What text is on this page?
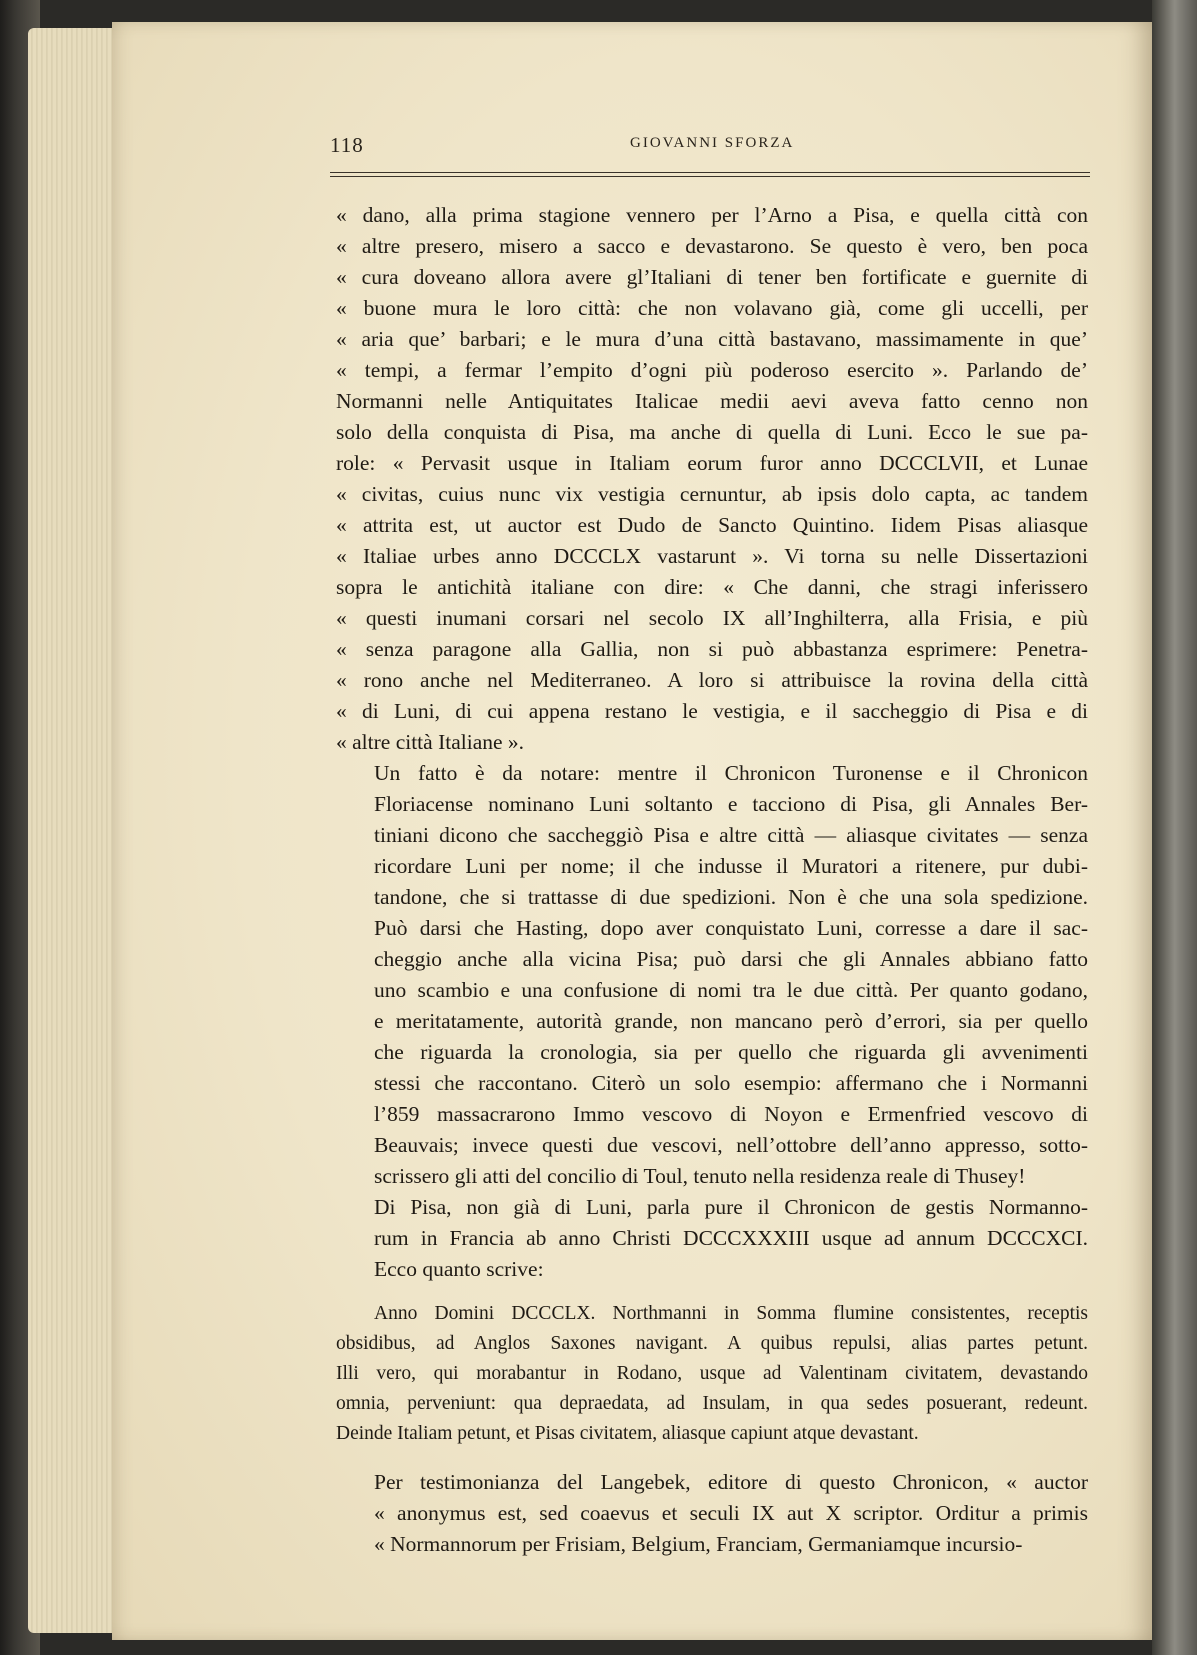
118	GIOVANNI SFORZA

« dano, alla prima stagione vennero per l’Arno a Pisa, e quella città con
« altre presero, misero a sacco e devastarono. Se questo è vero, ben poca
« cura doveano allora avere gl’Italiani di tener ben fortificate e guernite di
« buone mura le loro città: che non volavano già, come gli uccelli, per
« aria que’ barbari; e le mura d’una città bastavano, massimamente in que’
« tempi, a fermar l’empito d’ogni più poderoso esercito ». Parlando de’
Normanni nelle Antiquitates Italicae medii aevi aveva fatto cenno non
solo della conquista di Pisa, ma anche di quella di Luni. Ecco le sue pa-
role: « Pervasit usque in Italiam eorum furor anno DCCCLVII, et Lunae
« civitas, cuius nunc vix vestigia cernuntur, ab ipsis dolo capta, ac tandem
« attrita est, ut auctor est Dudo de Sancto Quintino. Iidem Pisas aliasque
« Italiae urbes anno DCCCLX vastarunt ». Vi torna su nelle Dissertazioni
sopra le antichità italiane con dire: « Che danni, che stragi inferissero
« questi inumani corsari nel secolo IX all’Inghilterra, alla Frisia, e più
« senza paragone alla Gallia, non si può abbastanza esprimere: Penetra-
« rono anche nel Mediterraneo. A loro si attribuisce la rovina della città
« di Luni, di cui appena restano le vestigia, e il saccheggio di Pisa e di
« altre città Italiane ».

Un fatto è da notare: mentre il Chronicon Turonense e il Chronicon
Floriacense nominano Luni soltanto e tacciono di Pisa, gli Annales Ber-
tiniani dicono che saccheggiò Pisa e altre città — aliasque civitates — senza
ricordare Luni per nome; il che indusse il Muratori a ritenere, pur dubi-
tandone, che si trattasse di due spedizioni. Non è che una sola spedizione.
Può darsi che Hasting, dopo aver conquistato Luni, corresse a dare il sac-
cheggio anche alla vicina Pisa; può darsi che gli Annales abbiano fatto
uno scambio e una confusione di nomi tra le due città. Per quanto godano,
e meritatamente, autorità grande, non mancano però d’errori, sia per quello
che riguarda la cronologia, sia per quello che riguarda gli avvenimenti
stessi che raccontano. Citerò un solo esempio: affermano che i Normanni
l’859 massacrarono Immo vescovo di Noyon e Ermenfried vescovo di
Beauvais; invece questi due vescovi, nell’ottobre dell’anno appresso, sotto-
scrissero gli atti del concilio di Toul, tenuto nella residenza reale di Thusey!

Di Pisa, non già di Luni, parla pure il Chronicon de gestis Normanno-
rum in Francia ab anno Christi DCCCXXXIII usque ad annum DCCCXCI.
Ecco quanto scrive:

Anno Domini DCCCLX. Northmanni in Somma flumine consistentes, receptis
obsidibus, ad Anglos Saxones navigant. A quibus repulsi, alias partes petunt.
Illi vero, qui morabantur in Rodano, usque ad Valentinam civitatem, devastando
omnia, perveniunt: qua depraedata, ad Insulam, in qua sedes posuerant, redeunt.
Deinde Italiam petunt, et Pisas civitatem, aliasque capiunt atque devastant.

Per testimonianza del Langebek, editore di questo Chronicon, « auctor
« anonymus est, sed coaevus et seculi IX aut X scriptor. Orditur a primis
« Normannorum per Frisiam, Belgium, Franciam, Germaniamque incursio-
